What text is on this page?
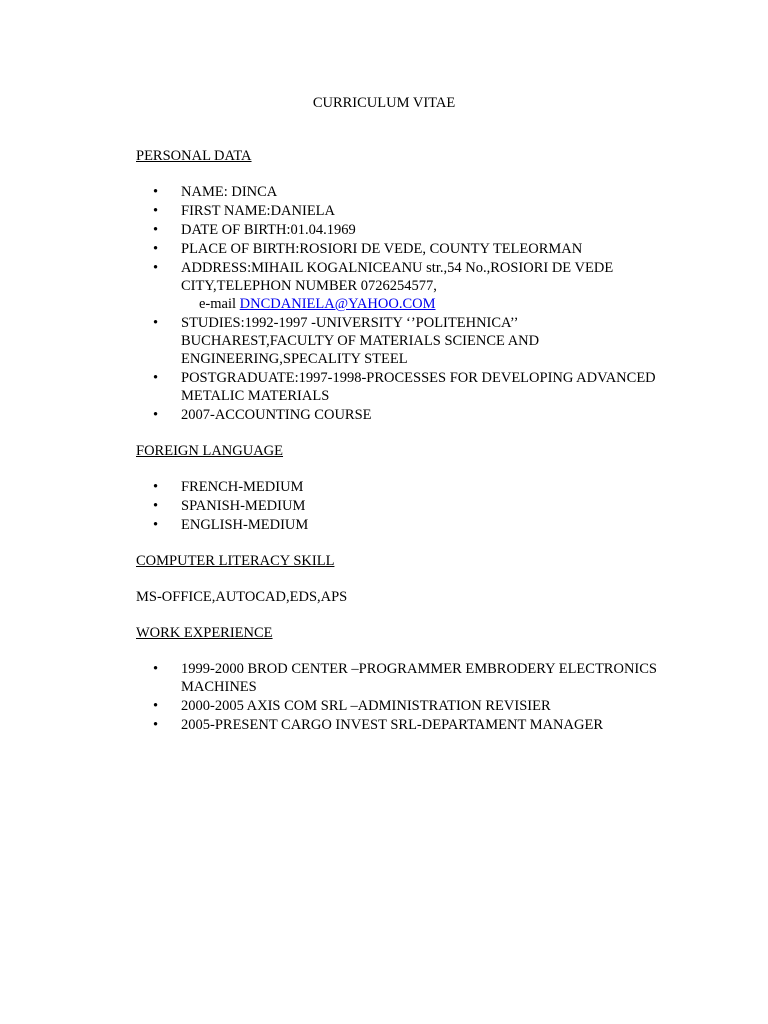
CURRICULUM VITAE
PERSONAL DATA
• NAME: DINCA
• FIRST NAME:DANIELA
• DATE OF BIRTH:01.04.1969
• PLACE OF BIRTH:ROSIORI DE VEDE, COUNTY TELEORMAN
• ADDRESS:MIHAIL KOGALNICEANU str.,54 No.,ROSIORI DE VEDE CITY,TELEPHON NUMBER 0726254577,
e-mail DNCDANIELA@YAHOO.COM
• STUDIES:1992-1997 -UNIVERSITY ‘’POLITEHNICA’’ BUCHAREST,FACULTY OF MATERIALS SCIENCE AND ENGINEERING,SPECALITY STEEL
• POSTGRADUATE:1997-1998-PROCESSES FOR DEVELOPING ADVANCED METALIC MATERIALS
• 2007-ACCOUNTING COURSE
FOREIGN LANGUAGE
• FRENCH-MEDIUM
• SPANISH-MEDIUM
• ENGLISH-MEDIUM
COMPUTER LITERACY SKILL
MS-OFFICE,AUTOCAD,EDS,APS
WORK EXPERIENCE
• 1999-2000 BROD CENTER –PROGRAMMER EMBRODERY ELECTRONICS MACHINES
• 2000-2005 AXIS COM SRL –ADMINISTRATION REVISIER
• 2005-PRESENT CARGO INVEST SRL-DEPARTAMENT MANAGER
